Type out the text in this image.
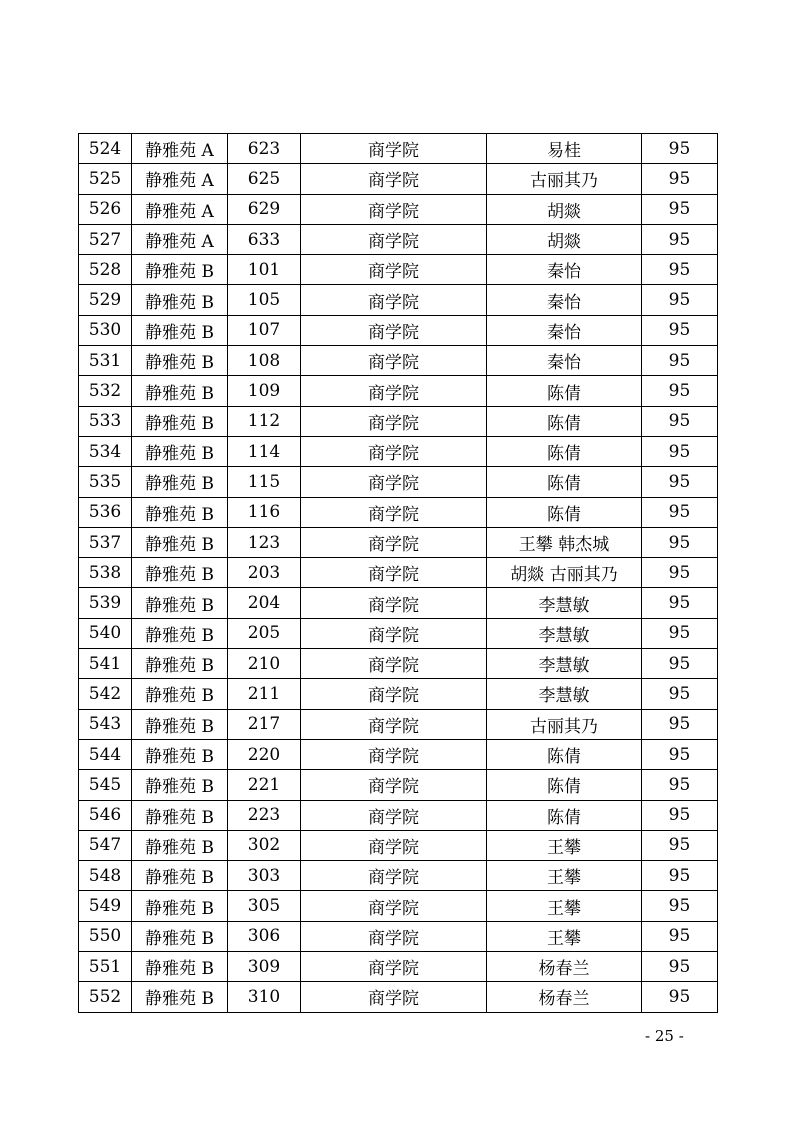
524	静雅苑 A	623	商学院	易桂	95
525	静雅苑 A	625	商学院	古丽其乃	95
526	静雅苑 A	629	商学院	胡燚	95
527	静雅苑 A	633	商学院	胡燚	95
528	静雅苑 B	101	商学院	秦怡	95
529	静雅苑 B	105	商学院	秦怡	95
530	静雅苑 B	107	商学院	秦怡	95
531	静雅苑 B	108	商学院	秦怡	95
532	静雅苑 B	109	商学院	陈倩	95
533	静雅苑 B	112	商学院	陈倩	95
534	静雅苑 B	114	商学院	陈倩	95
535	静雅苑 B	115	商学院	陈倩	95
536	静雅苑 B	116	商学院	陈倩	95
537	静雅苑 B	123	商学院	王攀 韩杰城	95
538	静雅苑 B	203	商学院	胡燚 古丽其乃	95
539	静雅苑 B	204	商学院	李慧敏	95
540	静雅苑 B	205	商学院	李慧敏	95
541	静雅苑 B	210	商学院	李慧敏	95
542	静雅苑 B	211	商学院	李慧敏	95
543	静雅苑 B	217	商学院	古丽其乃	95
544	静雅苑 B	220	商学院	陈倩	95
545	静雅苑 B	221	商学院	陈倩	95
546	静雅苑 B	223	商学院	陈倩	95
547	静雅苑 B	302	商学院	王攀	95
548	静雅苑 B	303	商学院	王攀	95
549	静雅苑 B	305	商学院	王攀	95
550	静雅苑 B	306	商学院	王攀	95
551	静雅苑 B	309	商学院	杨春兰	95
552	静雅苑 B	310	商学院	杨春兰	95
- 25 -
